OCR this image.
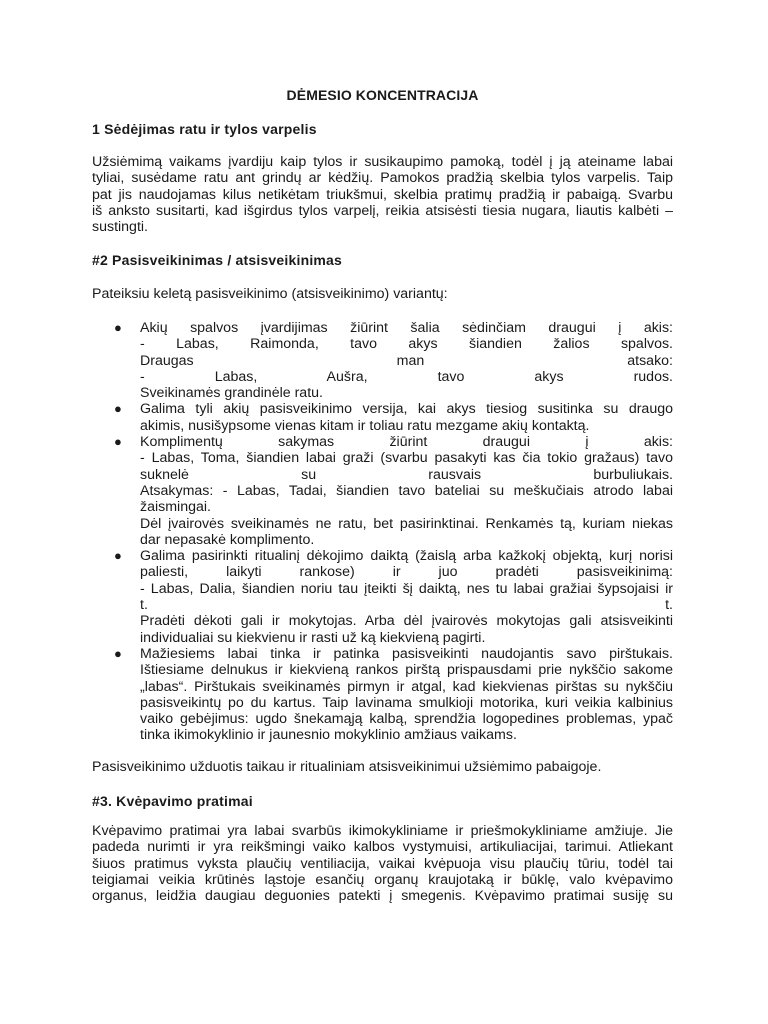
DĖMESIO KONCENTRACIJA
1 Sėdėjimas ratu ir tylos varpelis
Užsiėmimą vaikams įvardiju kaip tylos ir susikaupimo pamoką, todėl į ją ateiname labai
tyliai, susėdame ratu ant grindų ar kėdžių. Pamokos pradžią skelbia tylos varpelis. Taip
pat jis naudojamas kilus netikėtam triukšmui, skelbia pratimų pradžią ir pabaigą. Svarbu
iš anksto susitarti, kad išgirdus tylos varpelį, reikia atsisėsti tiesia nugara, liautis kalbėti –
sustingti.
#2 Pasisveikinimas / atsisveikinimas
Pateiksiu keletą pasisveikinimo (atsisveikinimo) variantų:
● Akių spalvos įvardijimas žiūrint šalia sėdinčiam draugui į akis:
- Labas, Raimonda, tavo akys šiandien žalios spalvos.
Draugas man atsako:
- Labas, Aušra, tavo akys rudos.
Sveikinamės grandinėle ratu.
● Galima tyli akių pasisveikinimo versija, kai akys tiesiog susitinka su draugo
akimis, nusišypsome vienas kitam ir toliau ratu mezgame akių kontaktą.
● Komplimentų sakymas žiūrint draugui į akis:
- Labas, Toma, šiandien labai graži (svarbu pasakyti kas čia tokio gražaus) tavo
suknelė su rausvais burbuliukais.
Atsakymas: - Labas, Tadai, šiandien tavo bateliai su meškučiais atrodo labai
žaismingai.
Dėl įvairovės sveikinamės ne ratu, bet pasirinktinai. Renkamės tą, kuriam niekas
dar nepasakė komplimento.
● Galima pasirinkti ritualinį dėkojimo daiktą (žaislą arba kažkokį objektą, kurį norisi
paliesti, laikyti rankose) ir juo pradėti pasisveikinimą:
- Labas, Dalia, šiandien noriu tau įteikti šį daiktą, nes tu labai gražiai šypsojaisi ir
t. t.
Pradėti dėkoti gali ir mokytojas. Arba dėl įvairovės mokytojas gali atsisveikinti
individualiai su kiekvienu ir rasti už ką kiekvieną pagirti.
● Mažiesiems labai tinka ir patinka pasisveikinti naudojantis savo pirštukais.
Ištiesiame delnukus ir kiekvieną rankos pirštą prispausdami prie nykščio sakome
„labas“. Pirštukais sveikinamės pirmyn ir atgal, kad kiekvienas pirštas su nykščiu
pasisveikintų po du kartus. Taip lavinama smulkioji motorika, kuri veikia kalbinius
vaiko gebėjimus: ugdo šnekamąją kalbą, sprendžia logopedines problemas, ypač
tinka ikimokyklinio ir jaunesnio mokyklinio amžiaus vaikams.
Pasisveikinimo užduotis taikau ir ritualiniam atsisveikinimui užsiėmimo pabaigoje.
#3. Kvėpavimo pratimai
Kvėpavimo pratimai yra labai svarbūs ikimokykliniame ir priešmokykliniame amžiuje. Jie
padeda nurimti ir yra reikšmingi vaiko kalbos vystymuisi, artikuliacijai, tarimui. Atliekant
šiuos pratimus vyksta plaučių ventiliacija, vaikai kvėpuoja visu plaučių tūriu, todėl tai
teigiamai veikia krūtinės ląstoje esančių organų kraujotaką ir būklę, valo kvėpavimo
organus, leidžia daugiau deguonies patekti į smegenis. Kvėpavimo pratimai susiję su
